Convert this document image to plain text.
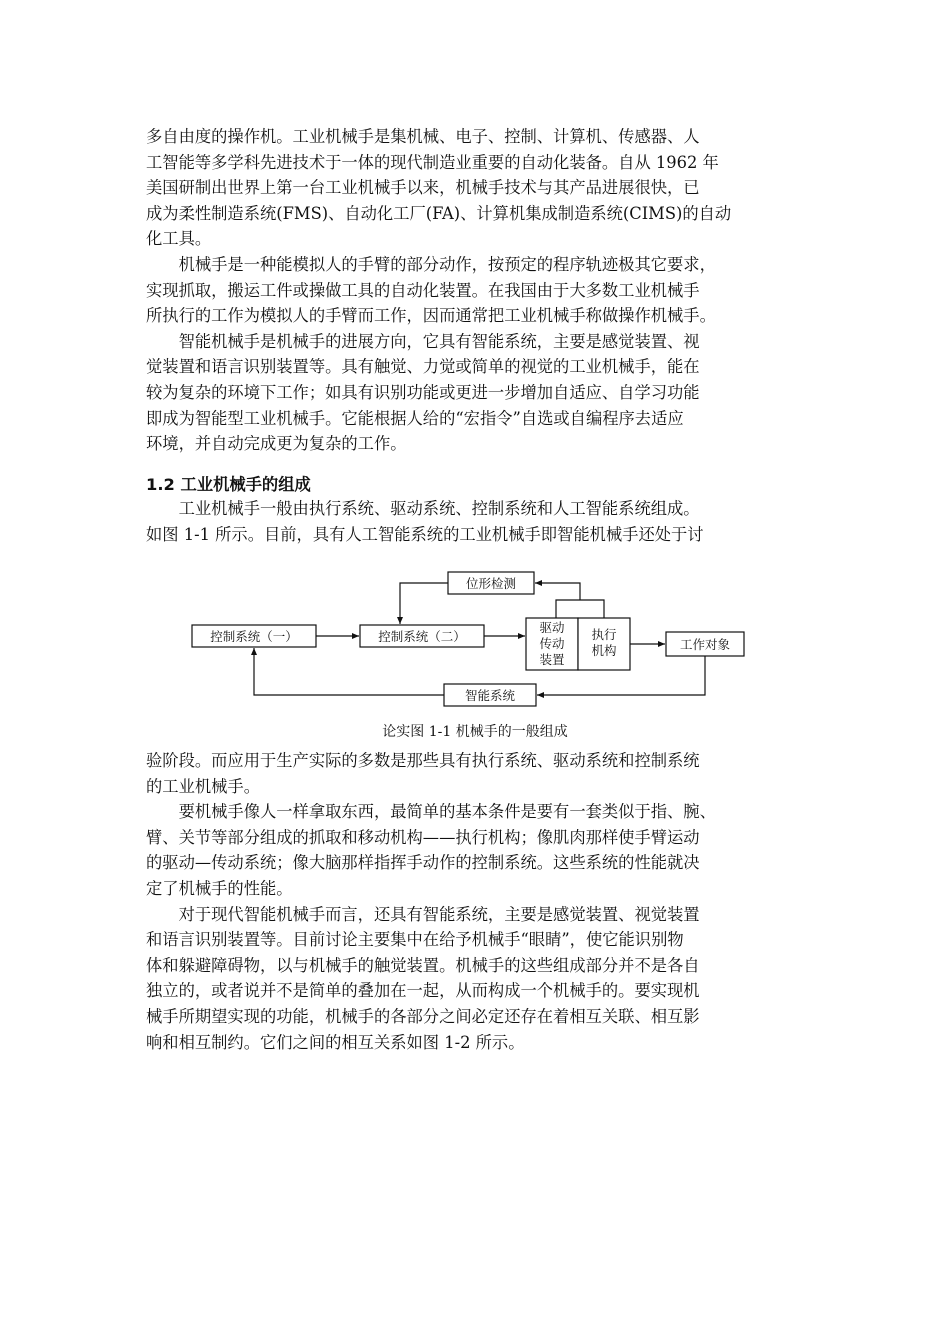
多自由度的操作机。工业机械手是集机械、电子、控制、计算机、传感器、人

工智能等多学科先进技术于一体的现代制造业重要的自动化装备。自从 1962 年

美国研制出世界上第一台工业机械手以来，机械手技术与其产品进展很快，已

成为柔性制造系统(FMS)、自动化工厂(FA)、计算机集成制造系统(CIMS)的自动

化工具。

　　机械手是一种能模拟人的手臂的部分动作，按预定的程序轨迹极其它要求，

实现抓取，搬运工件或操做工具的自动化装置。在我国由于大多数工业机械手

所执行的工作为模拟人的手臂而工作，因而通常把工业机械手称做操作机械手。

　　智能机械手是机械手的进展方向，它具有智能系统，主要是感觉装置、视

觉装置和语言识别装置等。具有触觉、力觉或简单的视觉的工业机械手，能在

较为复杂的环境下工作；如具有识别功能或更进一步增加自适应、自学习功能

即成为智能型工业机械手。它能根据人给的“宏指令”自选或自编程序去适应

环境，并自动完成更为复杂的工作。

1.2 工业机械手的组成

　　工业机械手一般由执行系统、驱动系统、控制系统和人工智能系统组成。

如图 1-1 所示。目前，具有人工智能系统的工业机械手即智能机械手还处于讨

位形检测
控制系统（一）	控制系统（二）
驱动
传动
装置
执行
机构	工作对象
智能系统
论实图 1-1 机械手的一般组成

验阶段。而应用于生产实际的多数是那些具有执行系统、驱动系统和控制系统

的工业机械手。

　　要机械手像人一样拿取东西，最简单的基本条件是要有一套类似于指、腕、

臂、关节等部分组成的抓取和移动机构——执行机构；像肌肉那样使手臂运动

的驱动—传动系统；像大脑那样指挥手动作的控制系统。这些系统的性能就决

定了机械手的性能。

　　对于现代智能机械手而言，还具有智能系统，主要是感觉装置、视觉装置

和语言识别装置等。目前讨论主要集中在给予机械手“眼睛”，使它能识别物

体和躲避障碍物，以与机械手的触觉装置。机械手的这些组成部分并不是各自

独立的，或者说并不是简单的叠加在一起，从而构成一个机械手的。要实现机

械手所期望实现的功能，机械手的各部分之间必定还存在着相互关联、相互影

响和相互制约。它们之间的相互关系如图 1-2 所示。
